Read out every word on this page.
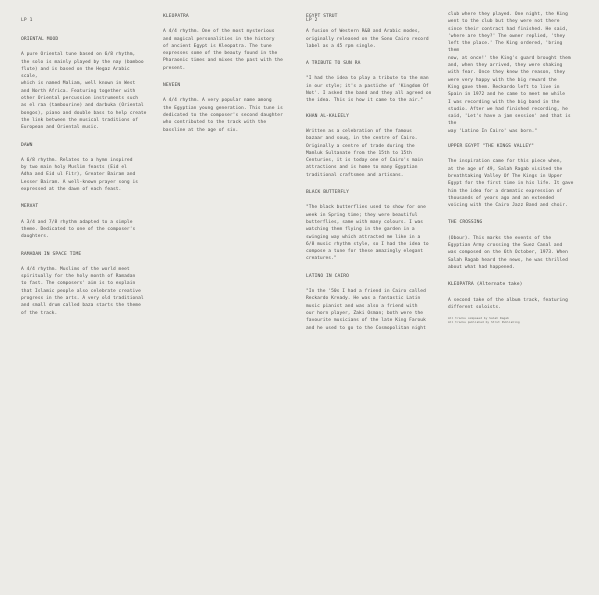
LP 1	LP 2

ORIENTAL MOOD

A pure Oriental tune based on 6/8 rhythm,

the solo is mainly played by the nay (bamboo

flute) and is based on the Hegaz Arabic scale,

which is named Maliam, well known in West

and North Africa. Featuring together with

other Oriental percussion instruments such

as el raa (tambourine) and darbuka (Oriental

bongos), piano and double bass to help create

the link between the musical traditions of

European and Oriental music.

DAWN

A 6/8 rhythm. Relates to a hymn inspired

by two main holy Muslim feasts (Eid el

Adha and Eid ul Fitr), Greater Bairam and

Lesser Bairam. A well-known prayer song is

expressed at the dawn of each feast.

MERVAT

A 3/4 and 7/8 rhythm adapted to a simple

theme. Dedicated to one of the composer's

daughters.

RAMADAN IN SPACE TIME

A 4/4 rhythm. Muslims of the world meet

spiritually for the holy month of Ramadan

to fast. The composers' aim is to explain

that Islamic people also celebrate creative

progress in the arts. A very old traditional

and small drum called baza starts the theme

of the track.

KLEOPATRA

A 4/4 rhythm. One of the most mysterious

and magical personalities in the history

of ancient Egypt is Kleopatra. The tune

expresses some of the beauty found in the

Pharaonic times and mixes the past with the

present.

NEVEEN

A 4/4 rhythm. A very popular name among

the Egyptian young generation. This tune is

dedicated to the composer's second daughter

who contributed to the track with the

bassline at the age of six.

EGYPT STRUT

A fusion of Western R&B and Arabic modes,

originally released on the Sono Cairo record

label as a 45 rpm single.

A TRIBUTE TO SUN RA

"I had the idea to play a tribute to the man

in our style; it's a pastiche of 'Kingdom Of

Not'. I asked the band and they all agreed on

the idea. This is how it came to the air."

KHAN AL-KALEELY

Written as a celebration of the famous

bazaar and souq, in the centre of Cairo.

Originally a centre of trade during the

Mamluk Sultanate from the 15th to 15th

Centuries, it is today one of Cairo's main

attractions and is home to many Egyptian

traditional craftsmen and artisans.

BLACK BUTTERFLY

"The black butterflies used to show for one

week in Spring time; they were beautiful

butterflies, same with many colours. I was

watching them flying in the garden in a

swinging way which attracted me like in a

6/8 music rhythm style, so I had the idea to

compose a tune for these amazingly elegant

creatures."

LATINO IN CAIRO

"In the '50s I had a friend in Cairo called

Reckardo Kready. He was a fantastic Latin

music pianist and was also a friend with

our horn player, Zaki Osman; both were the

favourite musicians of the late King Farouk

and he used to go to the Cosmopolitan night

club where they played. One night, the King

went to the club but they were not there

since their contract had finished. He said,

'where are they?' The owner replied, 'they

left the place.' The King ordered, 'bring them

now, at once!' the King's guard brought them

and, when they arrived, they were shaking

with fear. Once they knew the reason, they

were very happy with the big reward the

King gave them. Reckardo left to live in

Spain in 1972 and he came to meet me while

I was recording with the big band in the

studio. After we had finished recording, he

said, 'Let's have a jam session' and that is the

way 'Latino In Cairo' was born."

UPPER EGYPT "THE KINGS VALLEY"

The inspiration came for this piece when,

at the age of 49, Salah Ragab visited the

breathtaking Valley Of The Kings in Upper

Egypt for the first time in his life. It gave

him the idea for a dramatic expression of

thousands of years ago and an extended

voicing with the Cairo Jazz Band and choir.

THE CROSSING

(Obour). This marks the events of the

Egyptian Army crossing the Suez Canal and

was composed on the 6th October, 1973. When

Salah Ragab heard the news, he was thrilled

about what had happened.

KLEOPATRA (Alternate take)

A second take of the album track, featuring

different soloists.

All tracks composed by Salah Ragab

All tracks published by Strut Publishing
